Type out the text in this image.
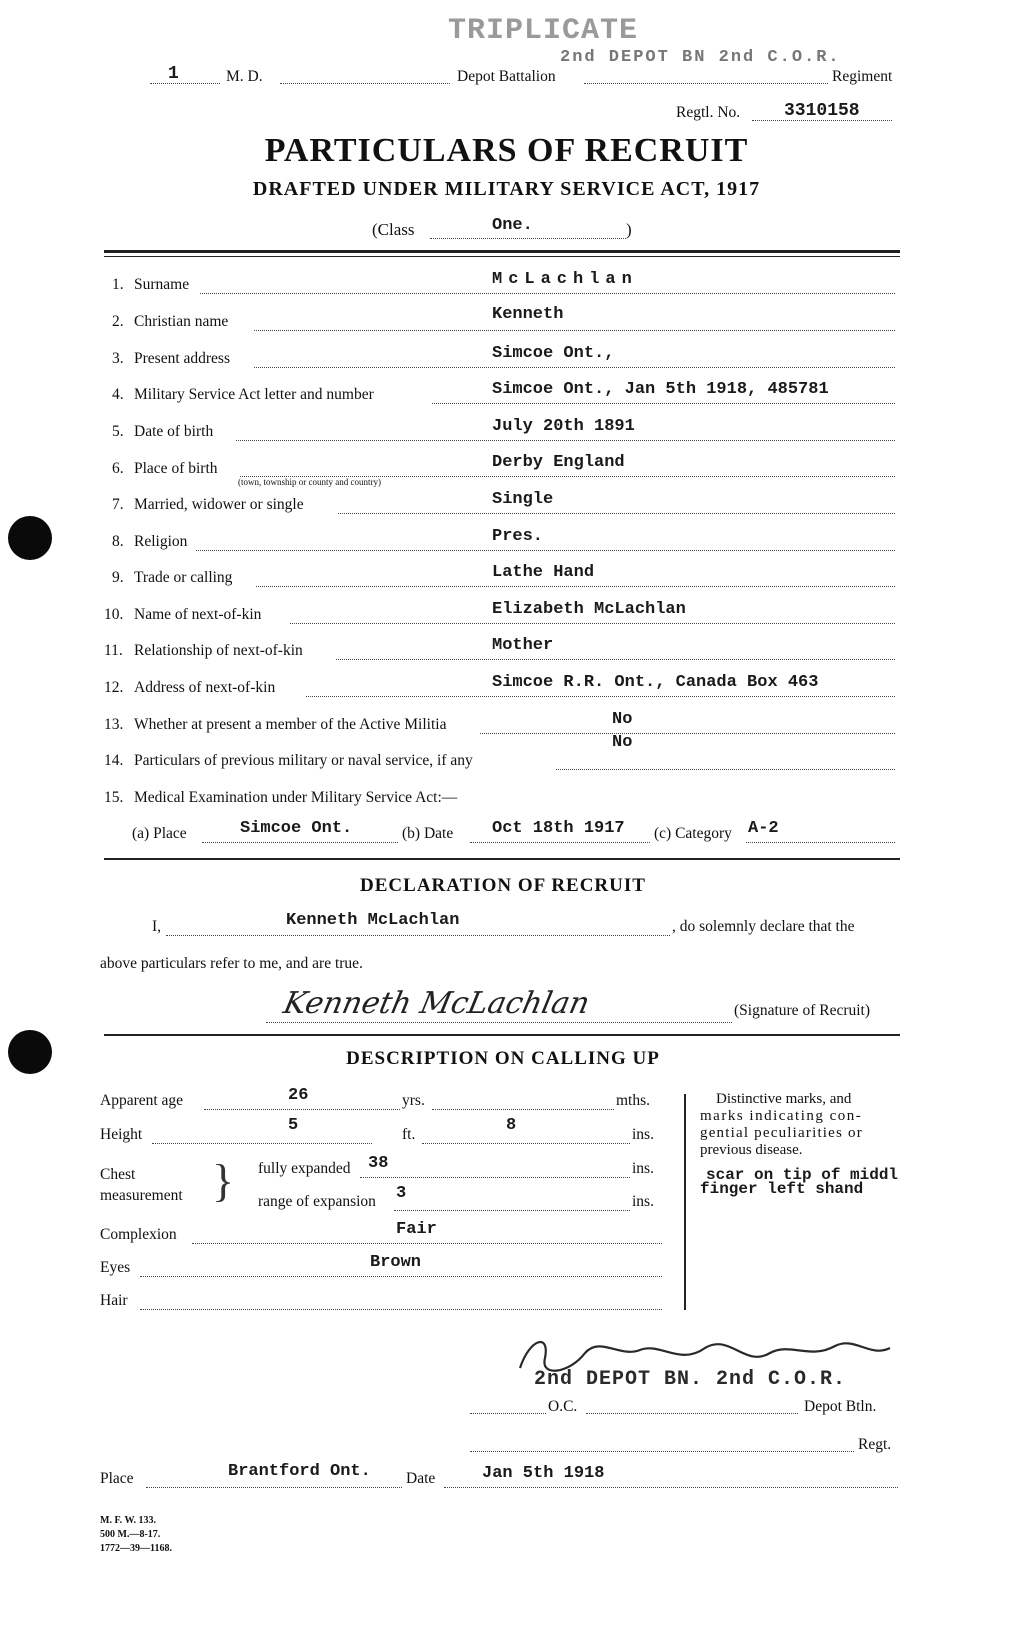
TRIPLICATE
2nd DEPOT BN 2nd C.O.R.
1	M. D.	Depot Battalion	Regiment
Regtl. No. 3310158
PARTICULARS OF RECRUIT
DRAFTED UNDER MILITARY SERVICE ACT, 1917
(Class	One.	)
1. Surname	McLachlan
2. Christian name	Kenneth
3. Present address	Simcoe Ont.,
4. Military Service Act letter and number	Simcoe Ont., Jan 5th 1918, 485781
5. Date of birth	July 20th 1891
6. Place of birth
(town, township or county and country)
Derby England
7. Married, widower or single	Single
8. Religion	Pres.
9. Trade or calling	Lathe Hand
10. Name of next-of-kin	Elizabeth McLachlan
11. Relationship of next-of-kin	Mother
12. Address of next-of-kin	Simcoe R.R. Ont., Canada Box 463
13. Whether at present a member of the Active Militia	No
14. Particulars of previous military or naval service, if any
No
15. Medical Examination under Military Service Act:—
(a) Place	Simcoe Ont.	(b) Date Oct 18th 1917 (c) Category A-2
DECLARATION OF RECRUIT
I,	Kenneth McLachlan	, do solemnly declare that the
above particulars refer to me, and are true.
Kenneth McLachlan	(Signature of Recruit)
DESCRIPTION ON CALLING UP
Apparent age	26	yrs.	mths.
Height	5	ft.	8	ins.
Chest
measurement } fully expanded 38	ins.
range of expansion 3	ins.
Complexion	Fair
Eyes	Brown
Hair
Distinctive marks, and
marks indicating con-
gential peculiarities or
previous disease.
scar on tip of middl
finger left shand
2nd DEPOT BN. 2nd C.O.R.
O.C.	Depot Btln.
Regt.
Place	Brantford Ont. Date	Jan 5th 1918
M. F. W. 133.
500 M.—8-17.
1772—39—1168.
